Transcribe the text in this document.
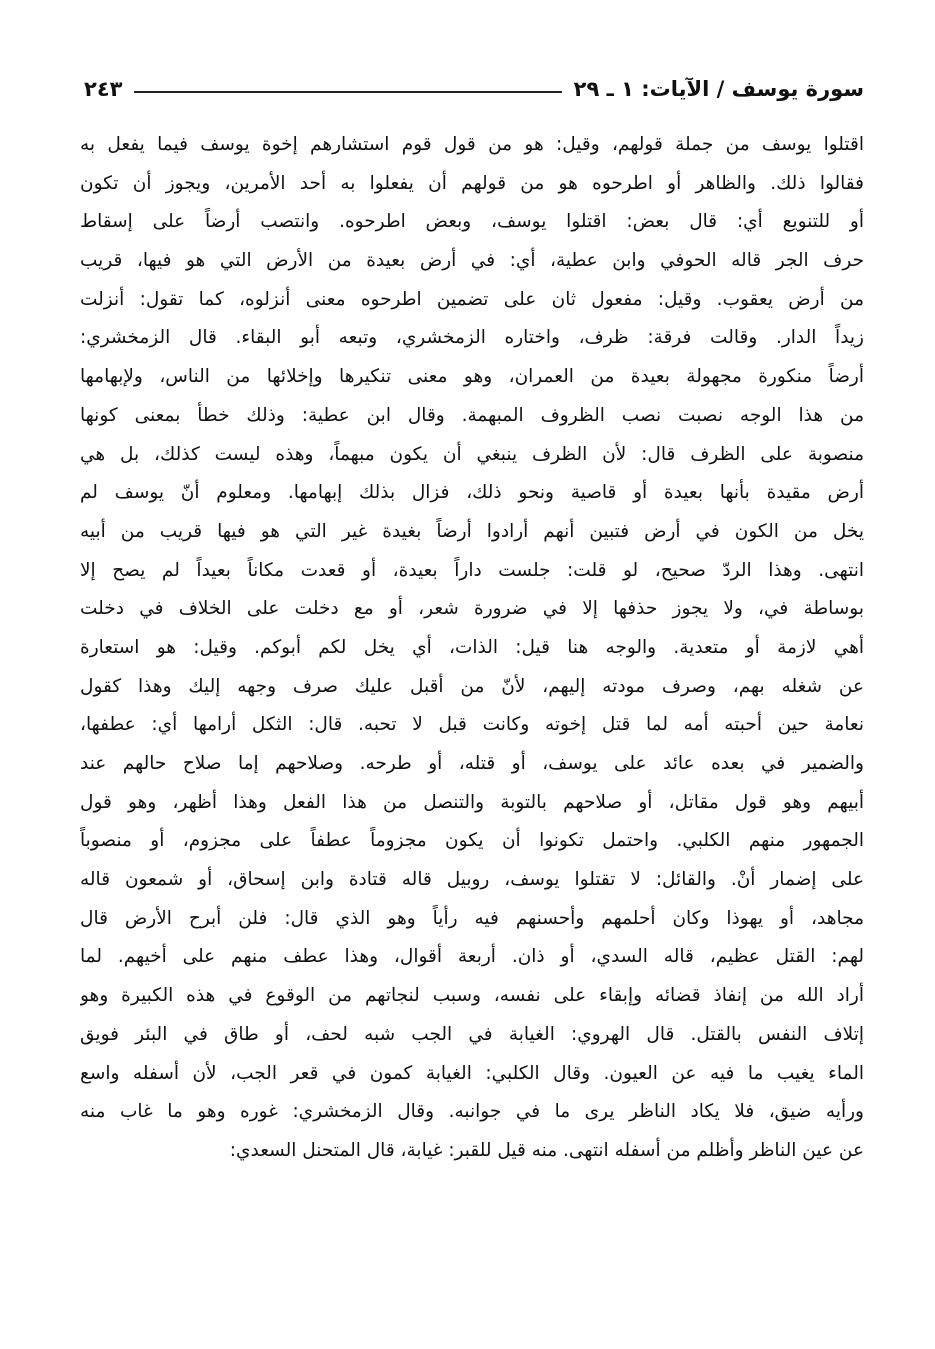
سورة يوسف / الآيات: ١ ـ ٢٩
٢٤٣
اقتلوا يوسف من جملة قولهم، وقيل: هو من قول قوم استشارهم إخوة يوسف فيما يفعل به
فقالوا ذلك. والظاهر أو اطرحوه هو من قولهم أن يفعلوا به أحد الأمرين، ويجوز أن تكون
أو للتنويع أي: قال بعض: اقتلوا يوسف، وبعض اطرحوه. وانتصب أرضاً على إسقاط
حرف الجر قاله الحوفي وابن عطية، أي: في أرض بعيدة من الأرض التي هو فيها، قريب
من أرض يعقوب. وقيل: مفعول ثان على تضمين اطرحوه معنى أنزلوه، كما تقول: أنزلت
زيداً الدار. وقالت فرقة: ظرف، واختاره الزمخشري، وتبعه أبو البقاء. قال الزمخشري:
أرضاً منكورة مجهولة بعيدة من العمران، وهو معنى تنكيرها وإخلائها من الناس، ولإبهامها
من هذا الوجه نصبت نصب الظروف المبهمة. وقال ابن عطية: وذلك خطأ بمعنى كونها
منصوبة على الظرف قال: لأن الظرف ينبغي أن يكون مبهماً، وهذه ليست كذلك، بل هي
أرض مقيدة بأنها بعيدة أو قاصية ونحو ذلك، فزال بذلك إبهامها. ومعلوم أنّ يوسف لم
يخل من الكون في أرض فتبين أنهم أرادوا أرضاً بغيدة غير التي هو فيها قريب من أبيه
انتهى. وهذا الردّ صحيح، لو قلت: جلست داراً بعيدة، أو قعدت مكاناً بعيداً لم يصح إلا
بوساطة في، ولا يجوز حذفها إلا في ضرورة شعر، أو مع دخلت على الخلاف في دخلت
أهي لازمة أو متعدية. والوجه هنا قيل: الذات، أي يخل لكم أبوكم. وقيل: هو استعارة
عن شغله بهم، وصرف مودته إليهم، لأنّ من أقبل عليك صرف وجهه إليك وهذا كقول
نعامة حين أحبته أمه لما قتل إخوته وكانت قبل لا تحبه. قال: الثكل أرامها أي: عطفها،
والضمير في بعده عائد على يوسف، أو قتله، أو طرحه. وصلاحهم إما صلاح حالهم عند
أبيهم وهو قول مقاتل، أو صلاحهم بالتوبة والتنصل من هذا الفعل وهذا أظهر، وهو قول
الجمهور منهم الكلبي. واحتمل تكونوا أن يكون مجزوماً عطفاً على مجزوم، أو منصوباً
على إضمار أنْ. والقائل: لا تقتلوا يوسف، روبيل قاله قتادة وابن إسحاق، أو شمعون قاله
مجاهد، أو يهوذا وكان أحلمهم وأحسنهم فيه رأياً وهو الذي قال: فلن أبرح الأرض قال
لهم: القتل عظيم، قاله السدي، أو ذان. أربعة أقوال، وهذا عطف منهم على أخيهم. لما
أراد الله من إنفاذ قضائه وإبقاء على نفسه، وسبب لنجاتهم من الوقوع في هذه الكبيرة وهو
إتلاف النفس بالقتل. قال الهروي: الغيابة في الجب شبه لحف، أو طاق في البئر فويق
الماء يغيب ما فيه عن العيون. وقال الكلبي: الغيابة كمون في قعر الجب، لأن أسفله واسع
ورأيه ضيق، فلا يكاد الناظر يرى ما في جوانبه. وقال الزمخشري: غوره وهو ما غاب منه
عن عين الناظر وأظلم من أسفله انتهى. منه قيل للقبر: غيابة، قال المتحنل السعدي:
